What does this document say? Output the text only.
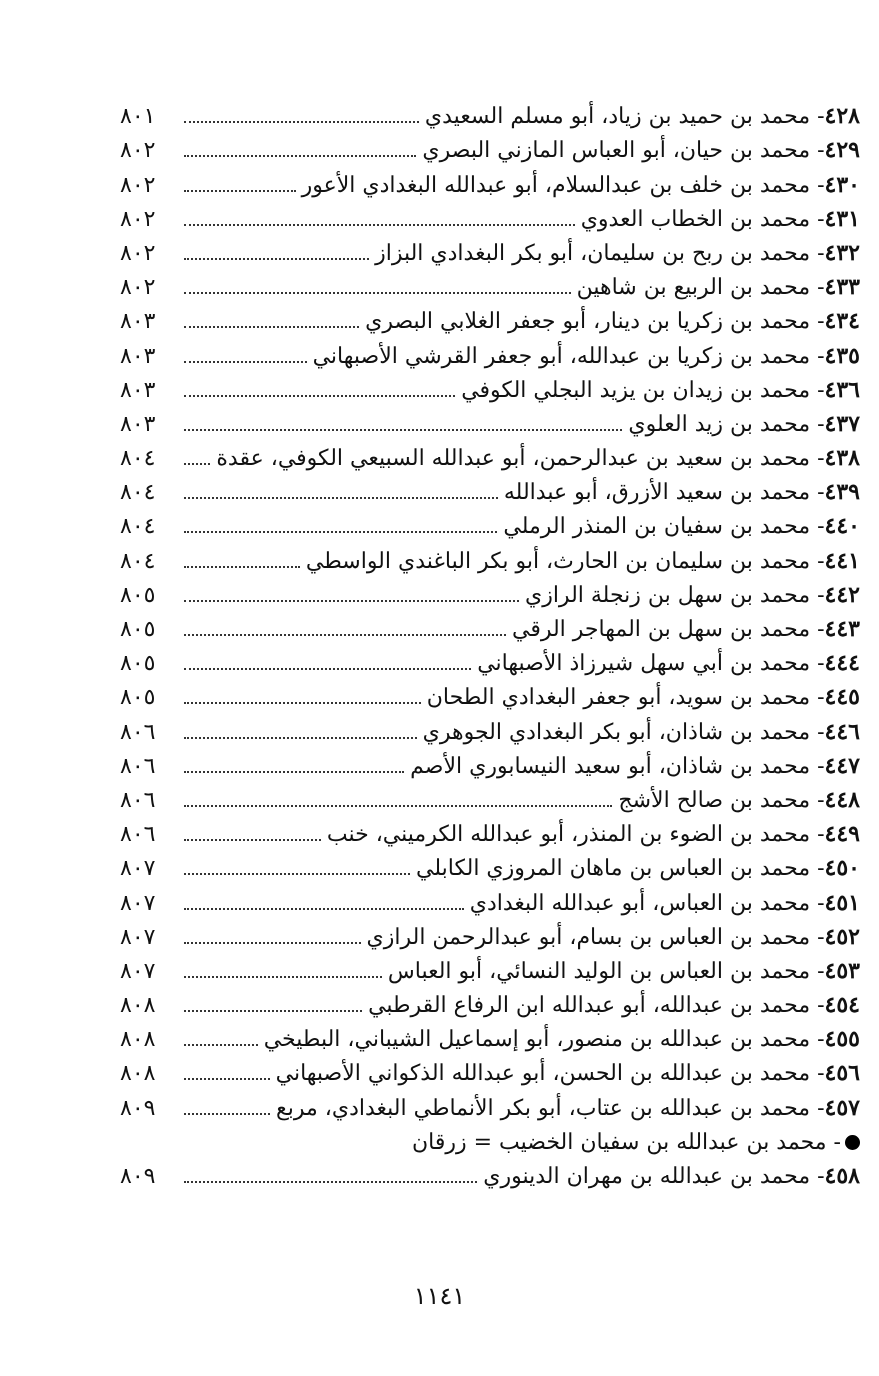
٨٠١	٤٢٨- محمد بن حميد بن زياد، أبو مسلم السعيدي
٨٠٢	٤٢٩- محمد بن حيان، أبو العباس المازني البصري
٨٠٢	٤٣٠- محمد بن خلف بن عبدالسلام، أبو عبدالله البغدادي الأعور
٨٠٢	٤٣١- محمد بن الخطاب العدوي
٨٠٢	٤٣٢- محمد بن ربح بن سليمان، أبو بكر البغدادي البزاز
٨٠٢	٤٣٣- محمد بن الربيع بن شاهين
٨٠٣	٤٣٤- محمد بن زكريا بن دينار، أبو جعفر الغلابي البصري
٨٠٣	٤٣٥- محمد بن زكريا بن عبدالله، أبو جعفر القرشي الأصبهاني
٨٠٣	٤٣٦- محمد بن زيدان بن يزيد البجلي الكوفي
٨٠٣	٤٣٧- محمد بن زيد العلوي
٨٠٤	٤٣٨- محمد بن سعيد بن عبدالرحمن، أبو عبدالله السبيعي الكوفي، عقدة
٨٠٤	٤٣٩- محمد بن سعيد الأزرق، أبو عبدالله
٨٠٤	٤٤٠- محمد بن سفيان بن المنذر الرملي
٨٠٤	٤٤١- محمد بن سليمان بن الحارث، أبو بكر الباغندي الواسطي
٨٠٥	٤٤٢- محمد بن سهل بن زنجلة الرازي
٨٠٥	٤٤٣- محمد بن سهل بن المهاجر الرقي
٨٠٥	٤٤٤- محمد بن أبي سهل شيرزاذ الأصبهاني
٨٠٥	٤٤٥- محمد بن سويد، أبو جعفر البغدادي الطحان
٨٠٦	٤٤٦- محمد بن شاذان، أبو بكر البغدادي الجوهري
٨٠٦	٤٤٧- محمد بن شاذان، أبو سعيد النيسابوري الأصم
٨٠٦	٤٤٨- محمد بن صالح الأشج
٨٠٦	٤٤٩- محمد بن الضوء بن المنذر، أبو عبدالله الكرميني، خنب
٨٠٧	٤٥٠- محمد بن العباس بن ماهان المروزي الكابلي
٨٠٧	٤٥١- محمد بن العباس، أبو عبدالله البغدادي
٨٠٧	٤٥٢- محمد بن العباس بن بسام، أبو عبدالرحمن الرازي
٨٠٧	٤٥٣- محمد بن العباس بن الوليد النسائي، أبو العباس
٨٠٨	٤٥٤- محمد بن عبدالله، أبو عبدالله ابن الرفاع القرطبي
٨٠٨	٤٥٥- محمد بن عبدالله بن منصور، أبو إسماعيل الشيباني، البطيخي
٨٠٨	٤٥٦- محمد بن عبدالله بن الحسن، أبو عبدالله الذكواني الأصبهاني
٨٠٩	٤٥٧- محمد بن عبدالله بن عتاب، أبو بكر الأنماطي البغدادي، مربع
- محمد بن عبدالله بن سفيان الخضيب = زرقان
٨٠٩	٤٥٨- محمد بن عبدالله بن مهران الدينوري
١١٤١
